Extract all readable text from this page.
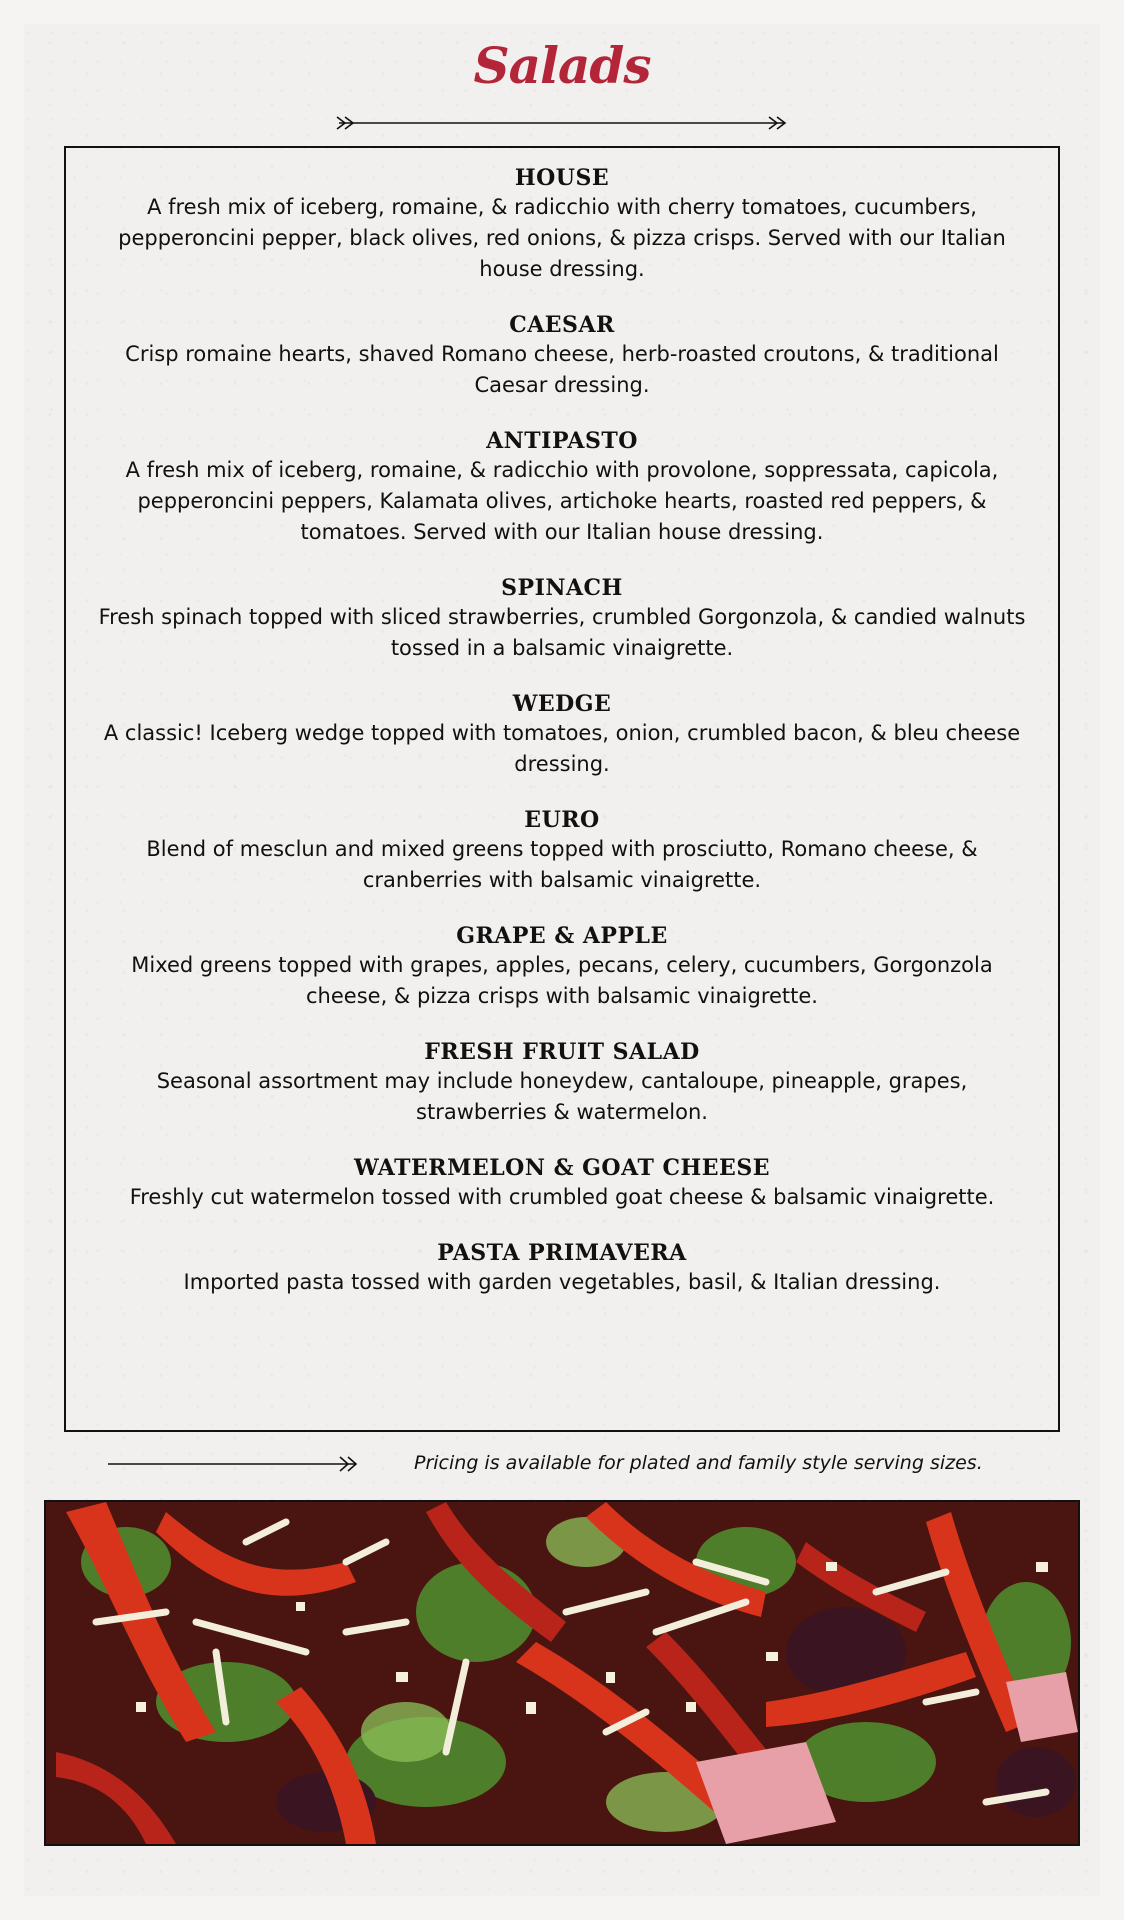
Salads
HOUSE
A fresh mix of iceberg, romaine, & radicchio with cherry tomatoes, cucumbers, pepperoncini pepper, black olives, red onions, & pizza crisps. Served with our Italian house dressing.
CAESAR
Crisp romaine hearts, shaved Romano cheese, herb-roasted croutons, & traditional Caesar dressing.
ANTIPASTO
A fresh mix of iceberg, romaine, & radicchio with provolone, soppressata, capicola, pepperoncini peppers, Kalamata olives, artichoke hearts, roasted red peppers, & tomatoes. Served with our Italian house dressing.
SPINACH
Fresh spinach topped with sliced strawberries, crumbled Gorgonzola, & candied walnuts tossed in a balsamic vinaigrette.
WEDGE
A classic! Iceberg wedge topped with tomatoes, onion, crumbled bacon, & bleu cheese dressing.
EURO
Blend of mesclun and mixed greens topped with prosciutto, Romano cheese, & cranberries with balsamic vinaigrette.
GRAPE & APPLE
Mixed greens topped with grapes, apples, pecans, celery, cucumbers, Gorgonzola cheese, & pizza crisps with balsamic vinaigrette.
FRESH FRUIT SALAD
Seasonal assortment may include honeydew, cantaloupe, pineapple, grapes, strawberries & watermelon.
WATERMELON & GOAT CHEESE
Freshly cut watermelon tossed with crumbled goat cheese & balsamic vinaigrette.
PASTA PRIMAVERA
Imported pasta tossed with garden vegetables, basil, & Italian dressing.
Pricing is available for plated and family style serving sizes.
